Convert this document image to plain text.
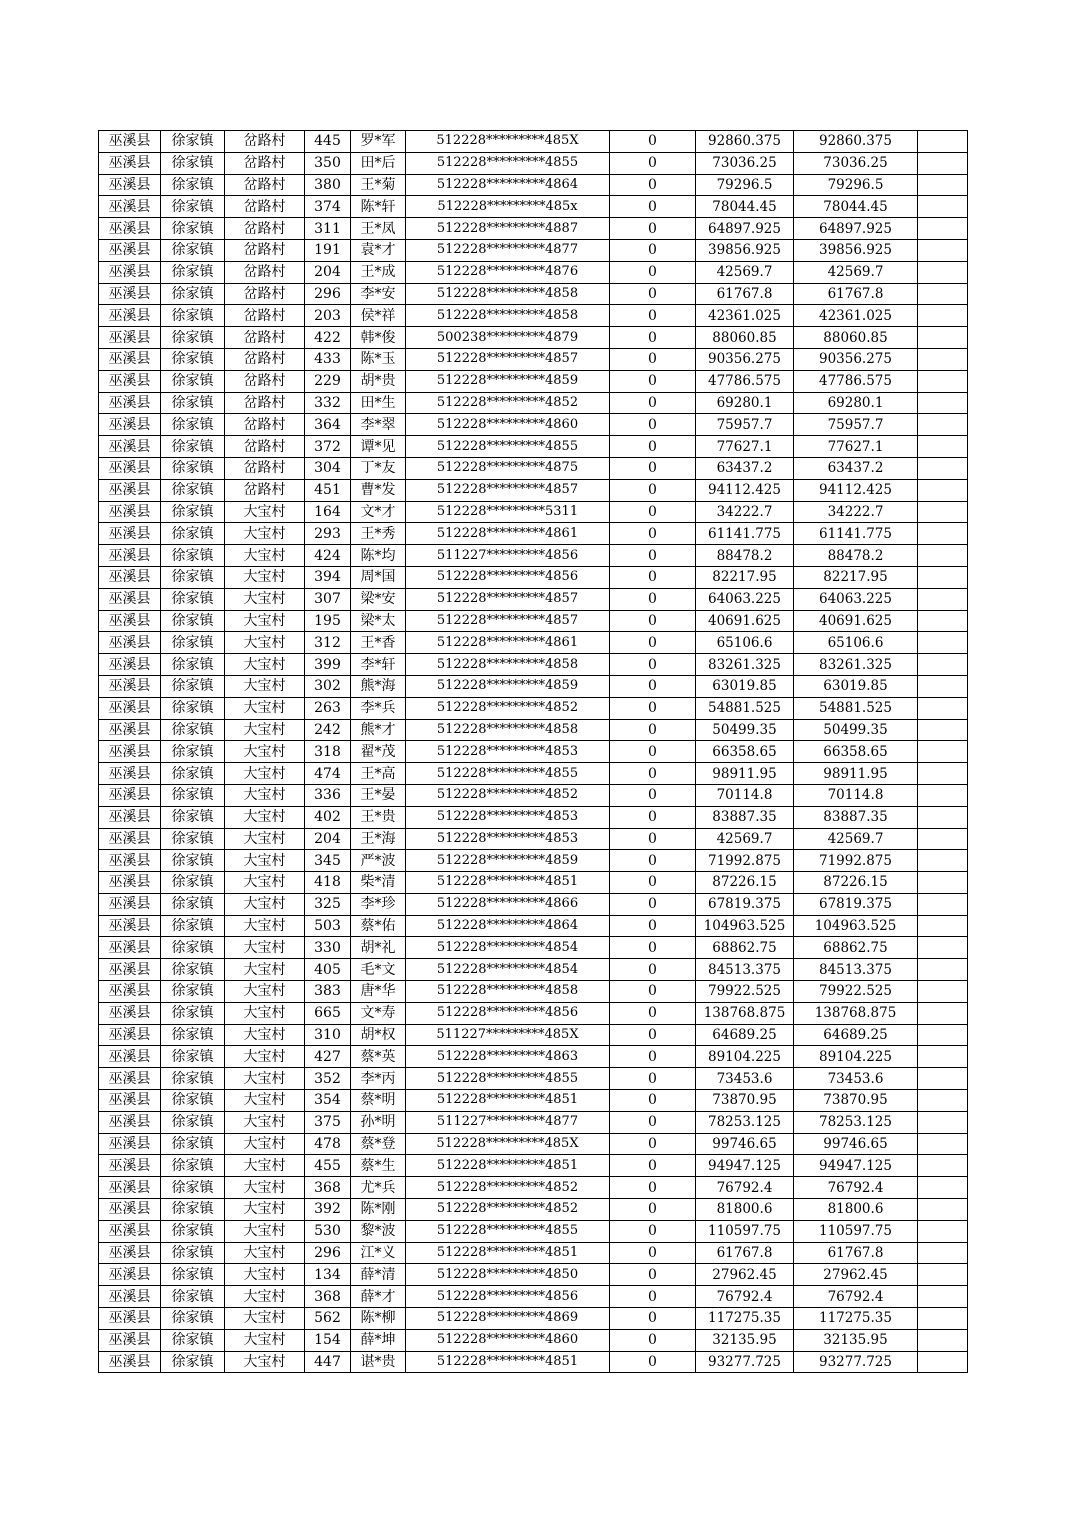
巫溪县	徐家镇	岔路村	445	罗*军	512228*********485X	0	92860.375	92860.375	
巫溪县	徐家镇	岔路村	350	田*后	512228*********4855	0	73036.25	73036.25	
巫溪县	徐家镇	岔路村	380	王*菊	512228*********4864	0	79296.5	79296.5	
巫溪县	徐家镇	岔路村	374	陈*轩	512228*********485x	0	78044.45	78044.45	
巫溪县	徐家镇	岔路村	311	王*凤	512228*********4887	0	64897.925	64897.925	
巫溪县	徐家镇	岔路村	191	袁*才	512228*********4877	0	39856.925	39856.925	
巫溪县	徐家镇	岔路村	204	王*成	512228*********4876	0	42569.7	42569.7	
巫溪县	徐家镇	岔路村	296	李*安	512228*********4858	0	61767.8	61767.8	
巫溪县	徐家镇	岔路村	203	侯*祥	512228*********4858	0	42361.025	42361.025	
巫溪县	徐家镇	岔路村	422	韩*俊	500238*********4879	0	88060.85	88060.85	
巫溪县	徐家镇	岔路村	433	陈*玉	512228*********4857	0	90356.275	90356.275	
巫溪县	徐家镇	岔路村	229	胡*贵	512228*********4859	0	47786.575	47786.575	
巫溪县	徐家镇	岔路村	332	田*生	512228*********4852	0	69280.1	69280.1	
巫溪县	徐家镇	岔路村	364	李*翠	512228*********4860	0	75957.7	75957.7	
巫溪县	徐家镇	岔路村	372	谭*见	512228*********4855	0	77627.1	77627.1	
巫溪县	徐家镇	岔路村	304	丁*友	512228*********4875	0	63437.2	63437.2	
巫溪县	徐家镇	岔路村	451	曹*发	512228*********4857	0	94112.425	94112.425	
巫溪县	徐家镇	大宝村	164	文*才	512228*********5311	0	34222.7	34222.7	
巫溪县	徐家镇	大宝村	293	王*秀	512228*********4861	0	61141.775	61141.775	
巫溪县	徐家镇	大宝村	424	陈*均	511227*********4856	0	88478.2	88478.2	
巫溪县	徐家镇	大宝村	394	周*国	512228*********4856	0	82217.95	82217.95	
巫溪县	徐家镇	大宝村	307	梁*安	512228*********4857	0	64063.225	64063.225	
巫溪县	徐家镇	大宝村	195	梁*太	512228*********4857	0	40691.625	40691.625	
巫溪县	徐家镇	大宝村	312	王*香	512228*********4861	0	65106.6	65106.6	
巫溪县	徐家镇	大宝村	399	李*轩	512228*********4858	0	83261.325	83261.325	
巫溪县	徐家镇	大宝村	302	熊*海	512228*********4859	0	63019.85	63019.85	
巫溪县	徐家镇	大宝村	263	李*兵	512228*********4852	0	54881.525	54881.525	
巫溪县	徐家镇	大宝村	242	熊*才	512228*********4858	0	50499.35	50499.35	
巫溪县	徐家镇	大宝村	318	翟*茂	512228*********4853	0	66358.65	66358.65	
巫溪县	徐家镇	大宝村	474	王*高	512228*********4855	0	98911.95	98911.95	
巫溪县	徐家镇	大宝村	336	王*晏	512228*********4852	0	70114.8	70114.8	
巫溪县	徐家镇	大宝村	402	王*贵	512228*********4853	0	83887.35	83887.35	
巫溪县	徐家镇	大宝村	204	王*海	512228*********4853	0	42569.7	42569.7	
巫溪县	徐家镇	大宝村	345	严*波	512228*********4859	0	71992.875	71992.875	
巫溪县	徐家镇	大宝村	418	柴*清	512228*********4851	0	87226.15	87226.15	
巫溪县	徐家镇	大宝村	325	李*珍	512228*********4866	0	67819.375	67819.375	
巫溪县	徐家镇	大宝村	503	蔡*佑	512228*********4864	0	104963.525	104963.525	
巫溪县	徐家镇	大宝村	330	胡*礼	512228*********4854	0	68862.75	68862.75	
巫溪县	徐家镇	大宝村	405	毛*文	512228*********4854	0	84513.375	84513.375	
巫溪县	徐家镇	大宝村	383	唐*华	512228*********4858	0	79922.525	79922.525	
巫溪县	徐家镇	大宝村	665	文*寿	512228*********4856	0	138768.875	138768.875	
巫溪县	徐家镇	大宝村	310	胡*权	511227*********485X	0	64689.25	64689.25	
巫溪县	徐家镇	大宝村	427	蔡*英	512228*********4863	0	89104.225	89104.225	
巫溪县	徐家镇	大宝村	352	李*丙	512228*********4855	0	73453.6	73453.6	
巫溪县	徐家镇	大宝村	354	蔡*明	512228*********4851	0	73870.95	73870.95	
巫溪县	徐家镇	大宝村	375	孙*明	511227*********4877	0	78253.125	78253.125	
巫溪县	徐家镇	大宝村	478	蔡*登	512228*********485X	0	99746.65	99746.65	
巫溪县	徐家镇	大宝村	455	蔡*生	512228*********4851	0	94947.125	94947.125	
巫溪县	徐家镇	大宝村	368	尤*兵	512228*********4852	0	76792.4	76792.4	
巫溪县	徐家镇	大宝村	392	陈*刚	512228*********4852	0	81800.6	81800.6	
巫溪县	徐家镇	大宝村	530	黎*波	512228*********4855	0	110597.75	110597.75	
巫溪县	徐家镇	大宝村	296	江*义	512228*********4851	0	61767.8	61767.8	
巫溪县	徐家镇	大宝村	134	薛*清	512228*********4850	0	27962.45	27962.45	
巫溪县	徐家镇	大宝村	368	薛*才	512228*********4856	0	76792.4	76792.4	
巫溪县	徐家镇	大宝村	562	陈*柳	512228*********4869	0	117275.35	117275.35	
巫溪县	徐家镇	大宝村	154	薛*坤	512228*********4860	0	32135.95	32135.95	
巫溪县	徐家镇	大宝村	447	谌*贵	512228*********4851	0	93277.725	93277.725	
